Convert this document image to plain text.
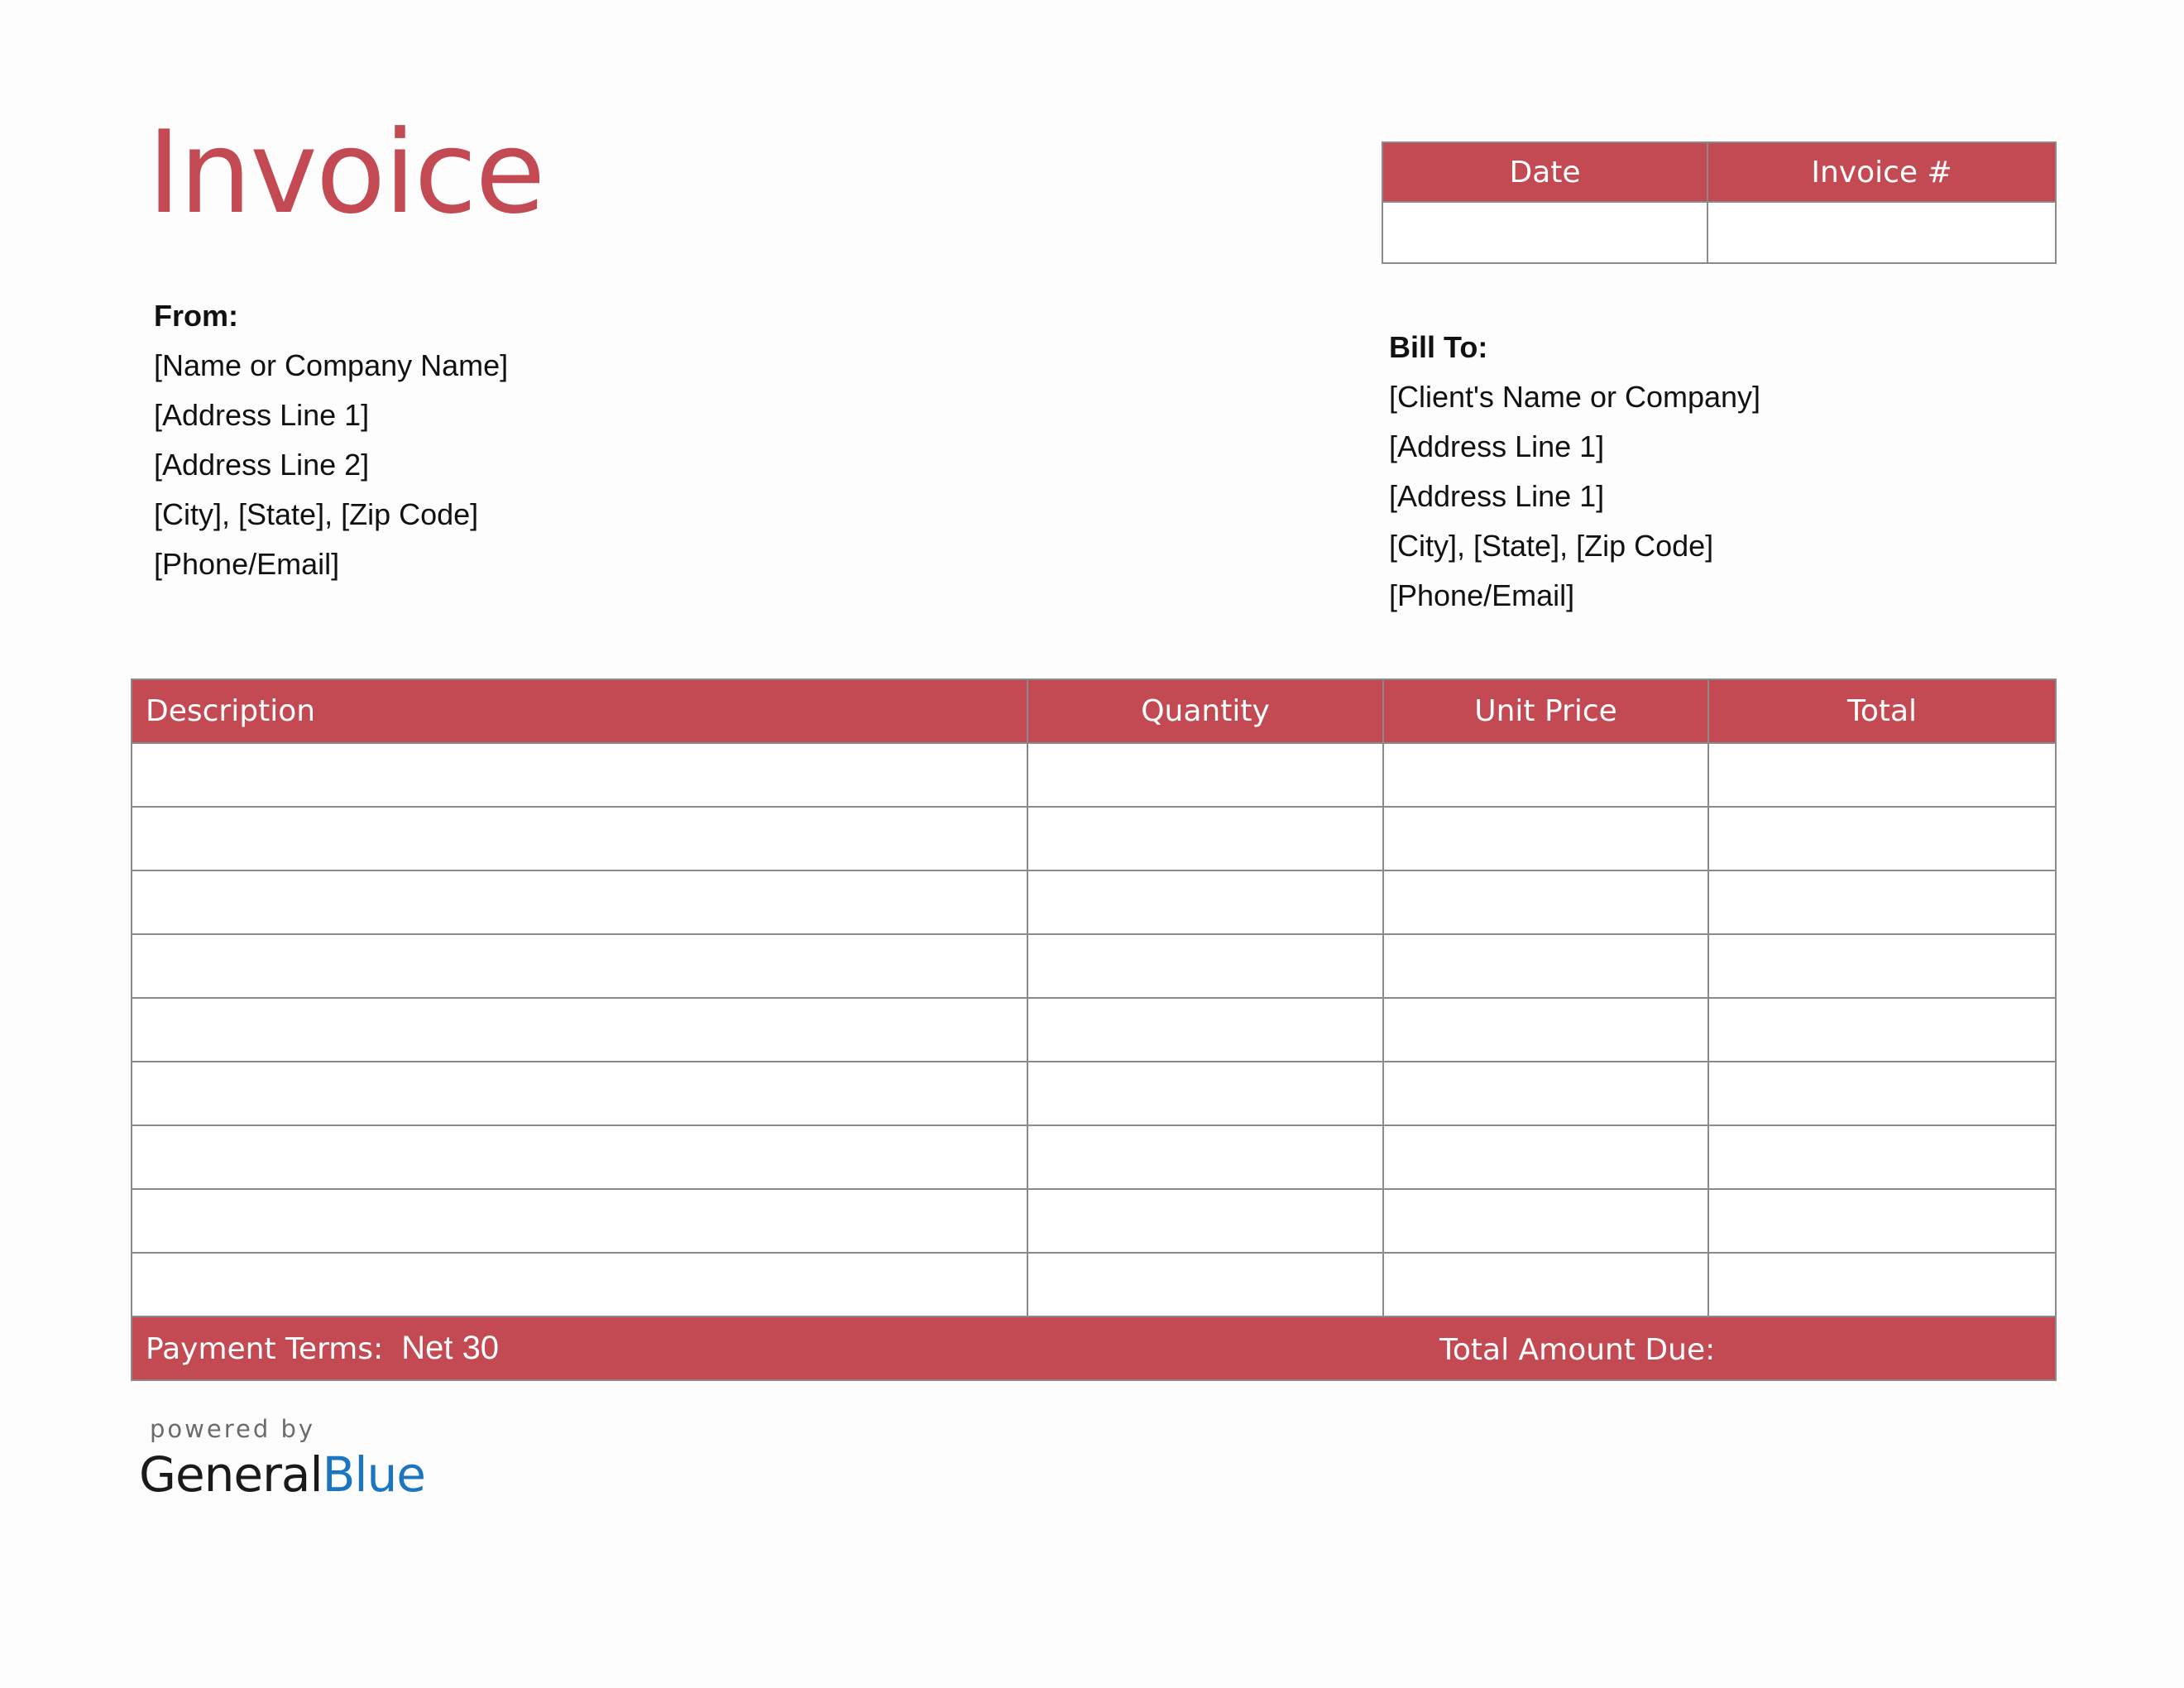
Invoice	Date	Invoice #

From:
[Name or Company Name]
[Address Line 1]
[Address Line 2]
[City], [State], [Zip Code]
[Phone/Email]
Bill To:
[Client's Name or Company]
[Address Line 1]
[Address Line 1]
[City], [State], [Zip Code]
[Phone/Email]
Description	Quantity	Unit Price	Total

Payment Terms: Net 30				Total Amount Due:
powered by
GeneralBlue
